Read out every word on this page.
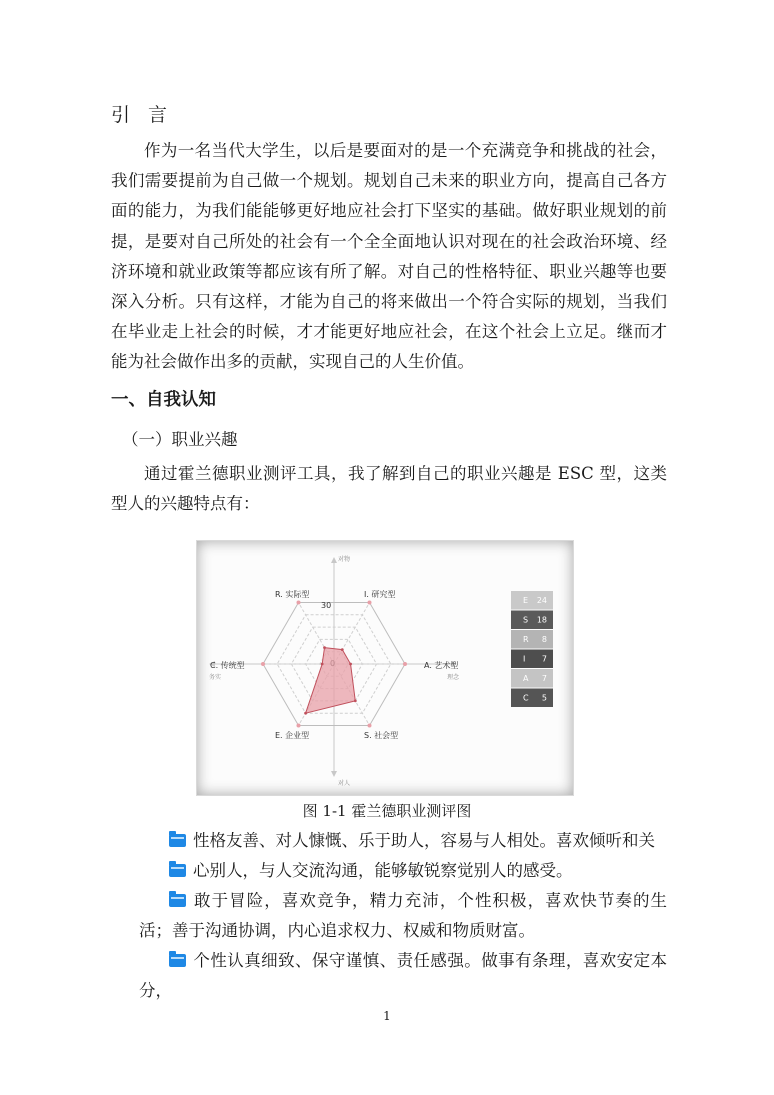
引 言

作为一名当代大学生，以后是要面对的是一个充满竞争和挑战的社会，我们需要提前为自己做一个规划。规划自己未来的职业方向，提高自己各方面的能力，为我们能能够更好地应社会打下坚实的基础。做好职业规划的前提，是要对自己所处的社会有一个全全面地认识对现在的社会政治环境、经济环境和就业政策等都应该有所了解。对自己的性格特征、职业兴趣等也要深入分析。只有这样，才能为自己的将来做出一个符合实际的规划，当我们在毕业走上社会的时候，才才能更好地应社会，在这个社会上立足。继而才能为社会做作出多的贡献，实现自己的人生价值。

一、自我认知
（一）职业兴趣

通过霍兰德职业测评工具，我了解到自己的职业兴趣是 ESC 型，这类型人的兴趣特点有：

对物
对人
务实	理念
30
R. 实际型	I. 研究型
A. 艺术型
S. 社会型
E. 企业型
C. 传统型
E 24
S 18
R 8
I 7
A 7
C 5

图 1-1 霍兰德职业测评图

性格友善、对人慷慨、乐于助人，容易与人相处。喜欢倾听和关

心别人，与人交流沟通，能够敏锐察觉别人的感受。

敢于冒险，喜欢竞争，精力充沛，个性积极，喜欢快节奏的生活；善于沟通协调，内心追求权力、权威和物质财富。

个性认真细致、保守谨慎、责任感强。做事有条理，喜欢安定本分，

1
